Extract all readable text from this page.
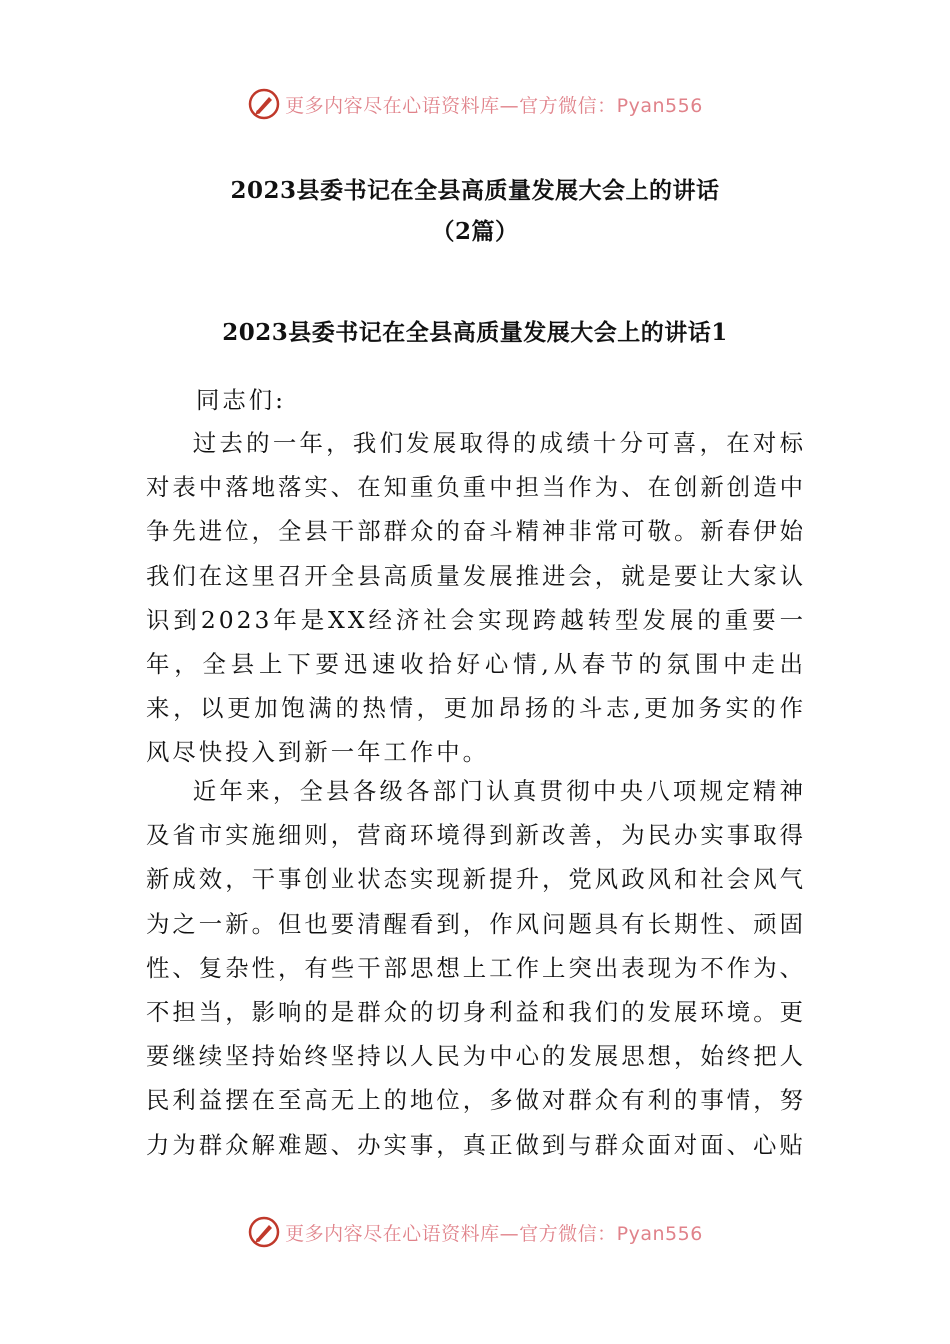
更多内容尽在心语资料库—官方微信：Pyan556
2023县委书记在全县高质量发展大会上的讲话
（2篇）
2023县委书记在全县高质量发展大会上的讲话1
同志们:
过去的一年，我们发展取得的成绩十分可喜，在对标对表中落地落实、在知重负重中担当作为、在创新创造中争先进位，全县干部群众的奋斗精神非常可敬。新春伊始我们在这里召开全县高质量发展推进会，就是要让大家认识到2023年是XX经济社会实现跨越转型发展的重要一年，全县上下要迅速收拾好心情,从春节的氛围中走出来，以更加饱满的热情，更加昂扬的斗志,更加务实的作风尽快投入到新一年工作中。
近年来，全县各级各部门认真贯彻中央八项规定精神及省市实施细则，营商环境得到新改善，为民办实事取得新成效，干事创业状态实现新提升，党风政风和社会风气为之一新。但也要清醒看到，作风问题具有长期性、顽固性、复杂性，有些干部思想上工作上突出表现为不作为、不担当，影响的是群众的切身利益和我们的发展环境。更要继续坚持始终坚持以人民为中心的发展思想，始终把人民利益摆在至高无上的地位，多做对群众有利的事情，努力为群众解难题、办实事，真正做到与群众面对面、心贴
更多内容尽在心语资料库—官方微信：Pyan556
